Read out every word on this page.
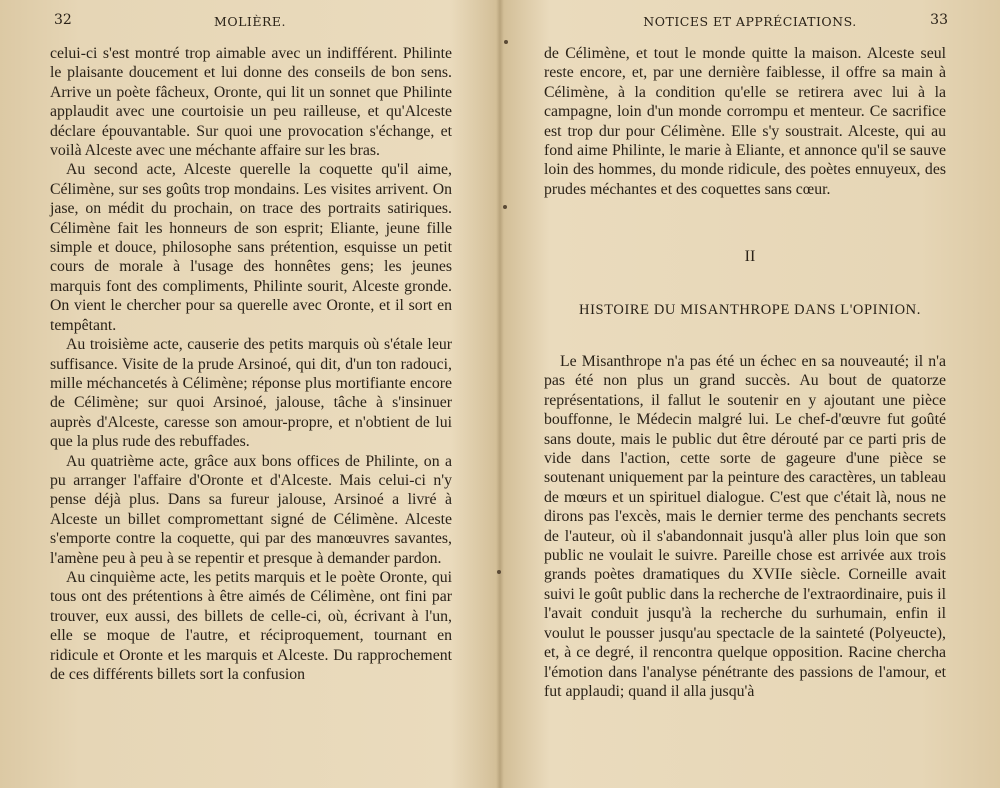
32	MOLIÈRE.

celui-ci s'est montré trop aimable avec un indifférent. Philinte le plaisante doucement et lui donne des conseils de bon sens. Arrive un poète fâcheux, Oronte, qui lit un sonnet que Philinte applaudit avec une courtoisie un peu railleuse, et qu'Alceste déclare épouvantable. Sur quoi une provocation s'échange, et voilà Alceste avec une méchante affaire sur les bras.

Au second acte, Alceste querelle la coquette qu'il aime, Célimène, sur ses goûts trop mondains. Les visites arrivent. On jase, on médit du prochain, on trace des portraits satiriques. Célimène fait les honneurs de son esprit; Eliante, jeune fille simple et douce, philosophe sans prétention, esquisse un petit cours de morale à l'usage des honnêtes gens; les jeunes marquis font des compliments, Philinte sourit, Alceste gronde. On vient le chercher pour sa querelle avec Oronte, et il sort en tempêtant.

Au troisième acte, causerie des petits marquis où s'étale leur suffisance. Visite de la prude Arsinoé, qui dit, d'un ton radouci, mille méchancetés à Célimène; réponse plus mortifiante encore de Célimène; sur quoi Arsinoé, jalouse, tâche à s'insinuer auprès d'Alceste, caresse son amour-propre, et n'obtient de lui que la plus rude des rebuffades.

Au quatrième acte, grâce aux bons offices de Philinte, on a pu arranger l'affaire d'Oronte et d'Alceste. Mais celui-ci n'y pense déjà plus. Dans sa fureur jalouse, Arsinoé a livré à Alceste un billet compromettant signé de Célimène. Alceste s'emporte contre la coquette, qui par des manœuvres savantes, l'amène peu à peu à se repentir et presque à demander pardon.

Au cinquième acte, les petits marquis et le poète Oronte, qui tous ont des prétentions à être aimés de Célimène, ont fini par trouver, eux aussi, des billets de celle-ci, où, écrivant à l'un, elle se moque de l'autre, et réciproquement, tournant en ridicule et Oronte et les marquis et Alceste. Du rapprochement de ces différents billets sort la confusion

NOTICES ET APPRÉCIATIONS.	33

de Célimène, et tout le monde quitte la maison. Alceste seul reste encore, et, par une dernière faiblesse, il offre sa main à Célimène, à la condition qu'elle se retirera avec lui à la campagne, loin d'un monde corrompu et menteur. Ce sacrifice est trop dur pour Célimène. Elle s'y soustrait. Alceste, qui au fond aime Philinte, le marie à Eliante, et annonce qu'il se sauve loin des hommes, du monde ridicule, des poètes ennuyeux, des prudes méchantes et des coquettes sans cœur.

II
HISTOIRE DU MISANTHROPE DANS L'OPINION.

Le Misanthrope n'a pas été un échec en sa nouveauté; il n'a pas été non plus un grand succès. Au bout de quatorze représentations, il fallut le soutenir en y ajoutant une pièce bouffonne, le Médecin malgré lui. Le chef-d'œuvre fut goûté sans doute, mais le public dut être dérouté par ce parti pris de vide dans l'action, cette sorte de gageure d'une pièce se soutenant uniquement par la peinture des caractères, un tableau de mœurs et un spirituel dialogue. C'est que c'était là, nous ne dirons pas l'excès, mais le dernier terme des penchants secrets de l'auteur, où il s'abandonnait jusqu'à aller plus loin que son public ne voulait le suivre. Pareille chose est arrivée aux trois grands poètes dramatiques du XVIIe siècle. Corneille avait suivi le goût public dans la recherche de l'extraordinaire, puis il l'avait conduit jusqu'à la recherche du surhumain, enfin il voulut le pousser jusqu'au spectacle de la sainteté (Polyeucte), et, à ce degré, il rencontra quelque opposition. Racine chercha l'émotion dans l'analyse pénétrante des passions de l'amour, et fut applaudi; quand il alla jusqu'à
